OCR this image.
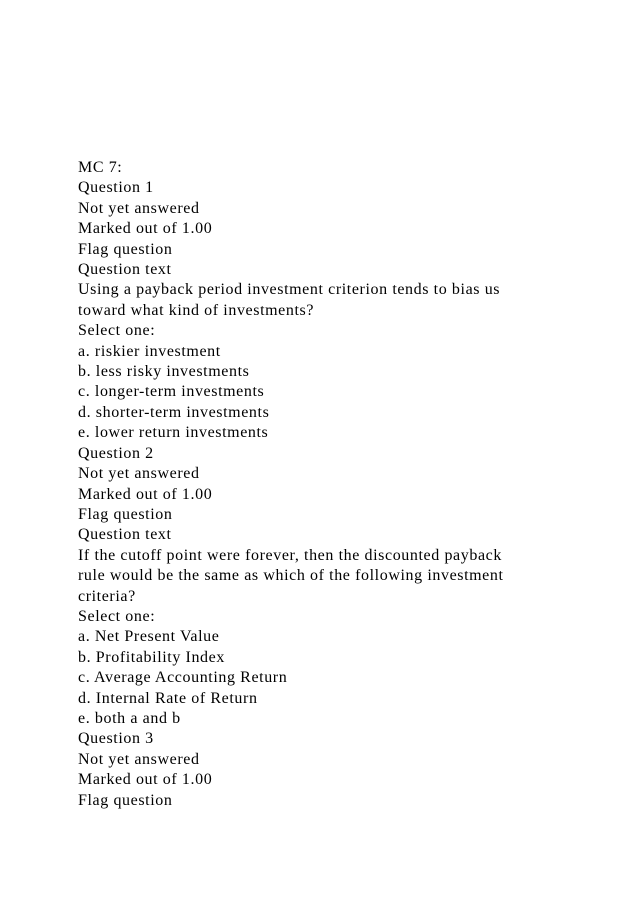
MC 7:
Question 1
Not yet answered
Marked out of 1.00
Flag question
Question text
Using a payback period investment criterion tends to bias us
toward what kind of investments?
Select one:
a. riskier investment
b. less risky investments
c. longer-term investments
d. shorter-term investments
e. lower return investments
Question 2
Not yet answered
Marked out of 1.00
Flag question
Question text
If the cutoff point were forever, then the discounted payback
rule would be the same as which of the following investment
criteria?
Select one:
a. Net Present Value
b. Profitability Index
c. Average Accounting Return
d. Internal Rate of Return
e. both a and b
Question 3
Not yet answered
Marked out of 1.00
Flag question
